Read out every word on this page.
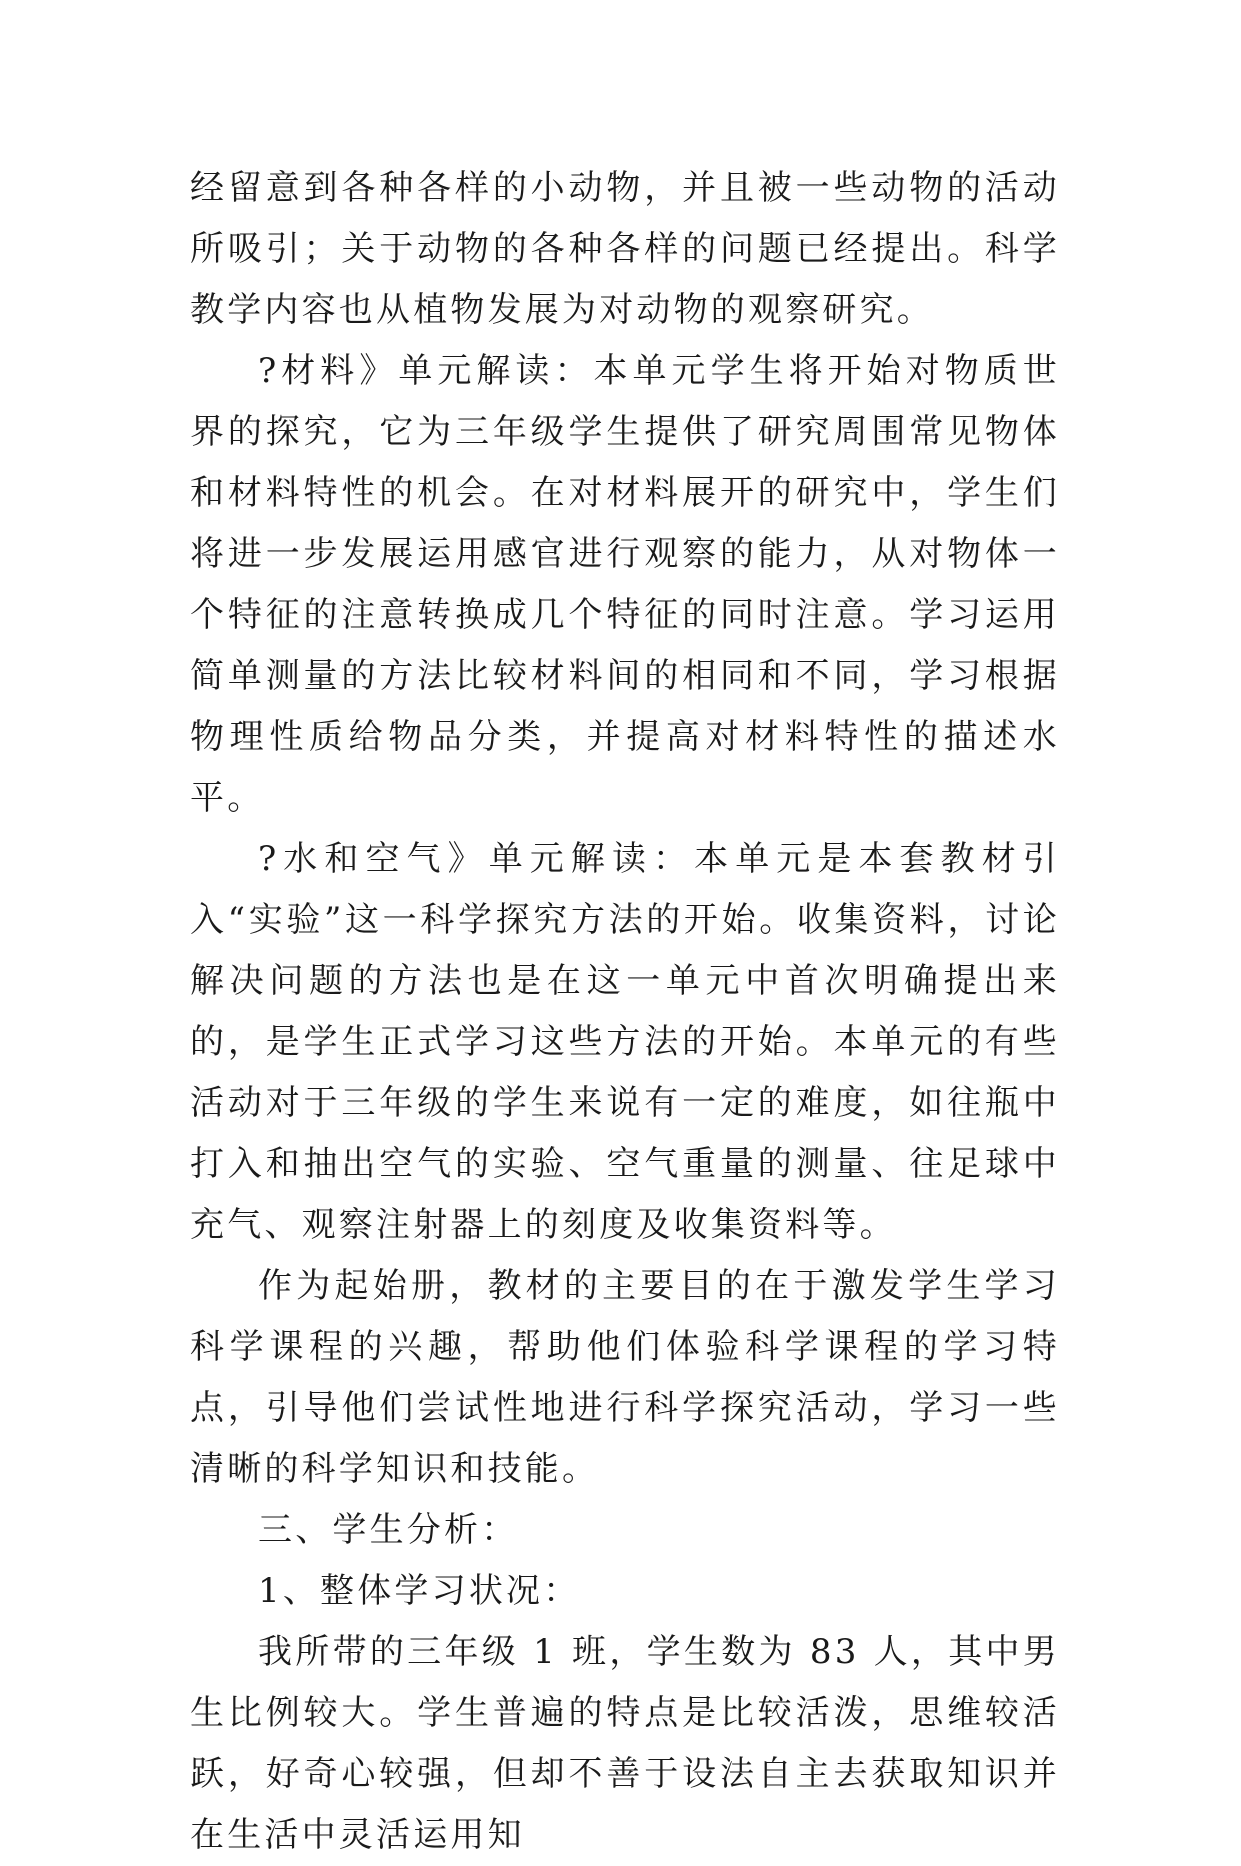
经留意到各种各样的小动物，并且被一些动物的活动所吸引；关于动物的各种各样的问题已经提出。科学教学内容也从植物发展为对动物的观察研究。

?材料》单元解读：本单元学生将开始对物质世界的探究，它为三年级学生提供了研究周围常见物体和材料特性的机会。在对材料展开的研究中，学生们将进一步发展运用感官进行观察的能力，从对物体一个特征的注意转换成几个特征的同时注意。学习运用简单测量的方法比较材料间的相同和不同，学习根据物理性质给物品分类，并提高对材料特性的描述水平。

?水和空气》单元解读：本单元是本套教材引入“实验”这一科学探究方法的开始。收集资料，讨论解决问题的方法也是在这一单元中首次明确提出来的，是学生正式学习这些方法的开始。本单元的有些活动对于三年级的学生来说有一定的难度，如往瓶中打入和抽出空气的实验、空气重量的测量、往足球中充气、观察注射器上的刻度及收集资料等。

作为起始册，教材的主要目的在于激发学生学习科学课程的兴趣，帮助他们体验科学课程的学习特点，引导他们尝试性地进行科学探究活动，学习一些清晰的科学知识和技能。

三、学生分析：

1、整体学习状况：

我所带的三年级 1 班，学生数为 83 人，其中男生比例较大。学生普遍的特点是比较活泼，思维较活跃，好奇心较强，但却不善于设法自主去获取知识并在生活中灵活运用知
